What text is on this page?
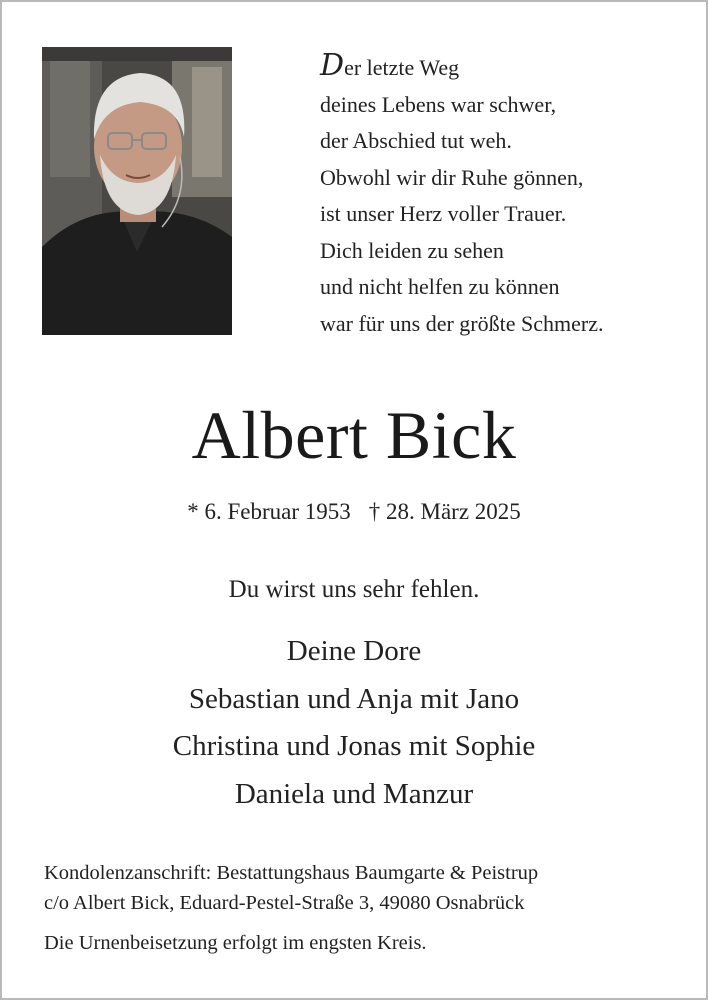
Der letzte Weg
deines Lebens war schwer,
der Abschied tut weh.
Obwohl wir dir Ruhe gönnen,
ist unser Herz voller Trauer.
Dich leiden zu sehen
und nicht helfen zu können
war für uns der größte Schmerz.
Albert Bick
* 6. Februar 1953 † 28. März 2025
Du wirst uns sehr fehlen.
Deine Dore
Sebastian und Anja mit Jano
Christina und Jonas mit Sophie
Daniela und Manzur
Kondolenzanschrift: Bestattungshaus Baumgarte & Peistrup
c/o Albert Bick, Eduard-Pestel-Straße 3, 49080 Osnabrück
Die Urnenbeisetzung erfolgt im engsten Kreis.
